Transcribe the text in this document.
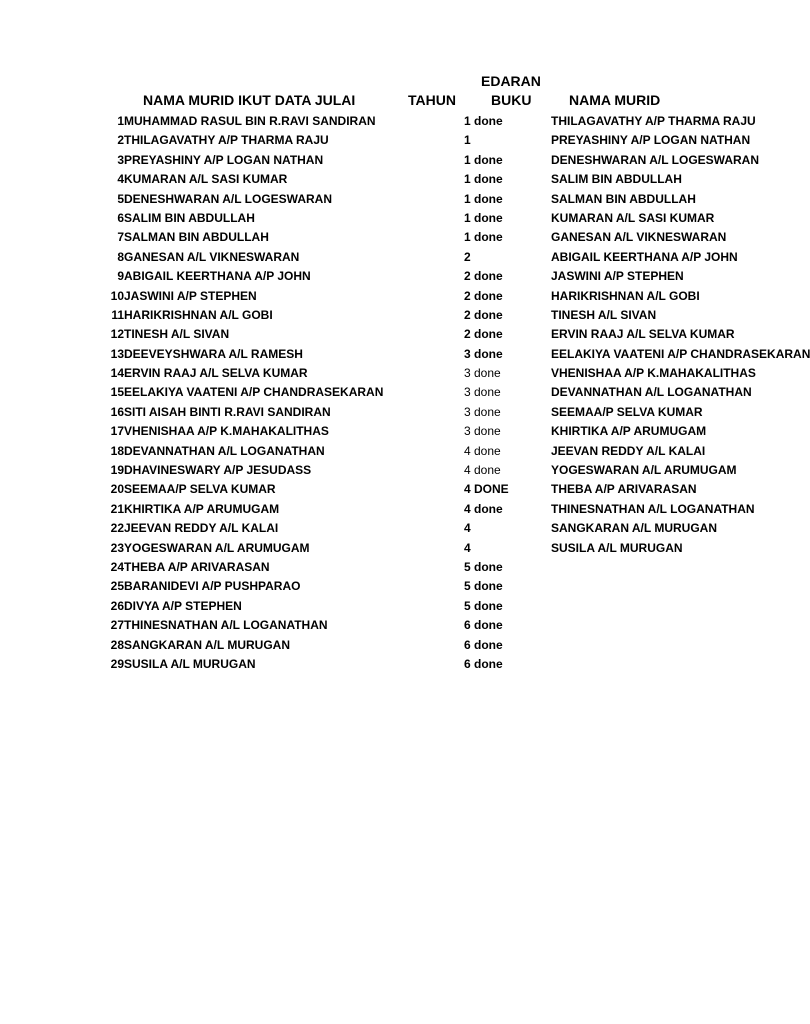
NAMA MURID IKUT DATA JULAI	TAHUN
EDARAN
BUKU	NAMA MURID
1 MUHAMMAD RASUL BIN R.RAVI SANDIRAN	1 done	THILAGAVATHY A/P THARMA RAJU
2 THILAGAVATHY A/P THARMA RAJU	1	PREYASHINY A/P LOGAN NATHAN
3 PREYASHINY A/P LOGAN NATHAN	1 done	DENESHWARAN A/L LOGESWARAN
4 KUMARAN A/L SASI KUMAR	1 done	SALIM BIN ABDULLAH
5 DENESHWARAN A/L LOGESWARAN	1 done	SALMAN BIN ABDULLAH
6 SALIM BIN ABDULLAH	1 done	KUMARAN A/L SASI KUMAR
7 SALMAN BIN ABDULLAH	1 done	GANESAN A/L VIKNESWARAN
8 GANESAN A/L VIKNESWARAN	2	ABIGAIL KEERTHANA A/P JOHN
9 ABIGAIL KEERTHANA A/P JOHN	2 done	JASWINI A/P STEPHEN
10 JASWINI A/P STEPHEN	2 done	HARIKRISHNAN A/L GOBI
11 HARIKRISHNAN A/L GOBI	2 done	TINESH A/L SIVAN
12 TINESH A/L SIVAN	2 done	ERVIN RAAJ A/L SELVA KUMAR
13 DEEVEYSHWARA A/L RAMESH	3 done	EELAKIYA VAATENI A/P CHANDRASEKARAN
14 ERVIN RAAJ A/L SELVA KUMAR	3 done	VHENISHAA A/P K.MAHAKALITHAS
15 EELAKIYA VAATENI A/P CHANDRASEKARAN	3 done	DEVANNATHAN A/L LOGANATHAN
16 SITI AISAH BINTI R.RAVI SANDIRAN	3 done	SEEMAA/P SELVA KUMAR
17 VHENISHAA A/P K.MAHAKALITHAS	3 done	KHIRTIKA A/P ARUMUGAM
18 DEVANNATHAN A/L LOGANATHAN	4 done	JEEVAN REDDY A/L KALAI
19 DHAVINESWARY A/P JESUDASS	4 done	YOGESWARAN A/L ARUMUGAM
20 SEEMAA/P SELVA KUMAR	4 DONE	THEBA A/P ARIVARASAN
21 KHIRTIKA A/P ARUMUGAM	4 done	THINESNATHAN A/L LOGANATHAN
22 JEEVAN REDDY A/L KALAI	4	SANGKARAN A/L MURUGAN
23 YOGESWARAN A/L ARUMUGAM	4	SUSILA A/L MURUGAN
24 THEBA A/P ARIVARASAN	5 done
25 BARANIDEVI A/P PUSHPARAO	5 done
26 DIVYA A/P STEPHEN	5 done
27 THINESNATHAN A/L LOGANATHAN	6 done
28 SANGKARAN A/L MURUGAN	6 done
29 SUSILA A/L MURUGAN	6 done
